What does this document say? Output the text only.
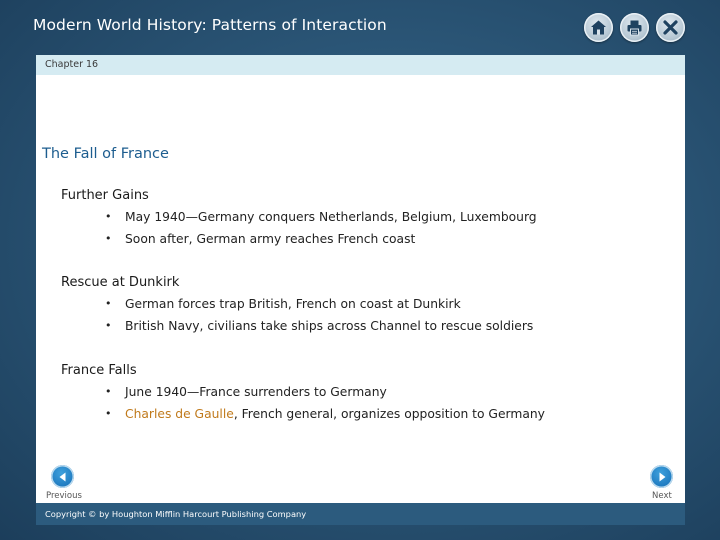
Modern World History: Patterns of Interaction
Chapter 16
The Fall of France
Further Gains
• May 1940—Germany conquers Netherlands, Belgium, Luxembourg
• Soon after, German army reaches French coast
Rescue at Dunkirk
• German forces trap British, French on coast at Dunkirk
• British Navy, civilians take ships across Channel to rescue soldiers
France Falls
• June 1940—France surrenders to Germany
• Charles de Gaulle, French general, organizes opposition to Germany
Previous	Next
Copyright © by Houghton Mifflin Harcourt Publishing Company
